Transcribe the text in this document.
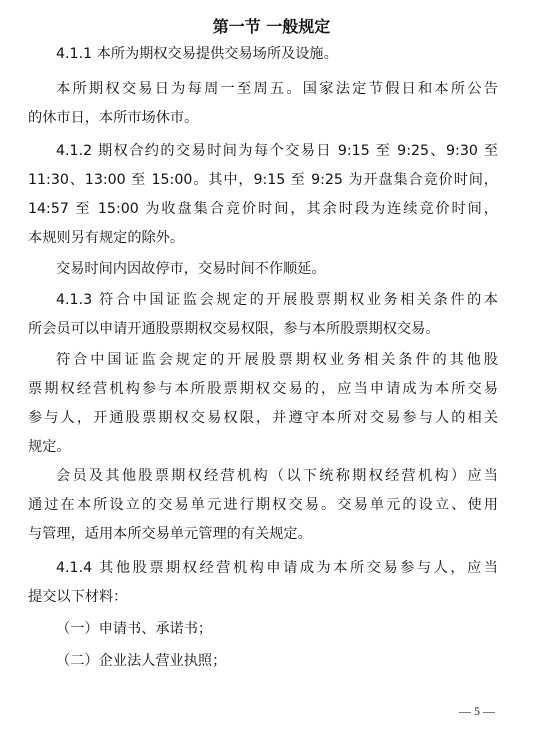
第一节 一般规定
4.1.1 本所为期权交易提供交易场所及设施。
本所期权交易日为每周一至周五。国家法定节假日和本所公告
的休市日，本所市场休市。
4.1.2 期权合约的交易时间为每个交易日 9:15 至 9:25、9:30 至
11:30、13:00 至 15:00。其中，9:15 至 9:25 为开盘集合竞价时间，
14:57 至 15:00 为收盘集合竞价时间，其余时段为连续竞价时间，
本规则另有规定的除外。
交易时间内因故停市，交易时间不作顺延。
4.1.3 符合中国证监会规定的开展股票期权业务相关条件的本
所会员可以申请开通股票期权交易权限，参与本所股票期权交易。
符合中国证监会规定的开展股票期权业务相关条件的其他股
票期权经营机构参与本所股票期权交易的，应当申请成为本所交易
参与人，开通股票期权交易权限，并遵守本所对交易参与人的相关
规定。
会员及其他股票期权经营机构（以下统称期权经营机构）应当
通过在本所设立的交易单元进行期权交易。交易单元的设立、使用
与管理，适用本所交易单元管理的有关规定。
4.1.4 其他股票期权经营机构申请成为本所交易参与人，应当
提交以下材料：
（一）申请书、承诺书；
（二）企业法人营业执照；
— 5 —
